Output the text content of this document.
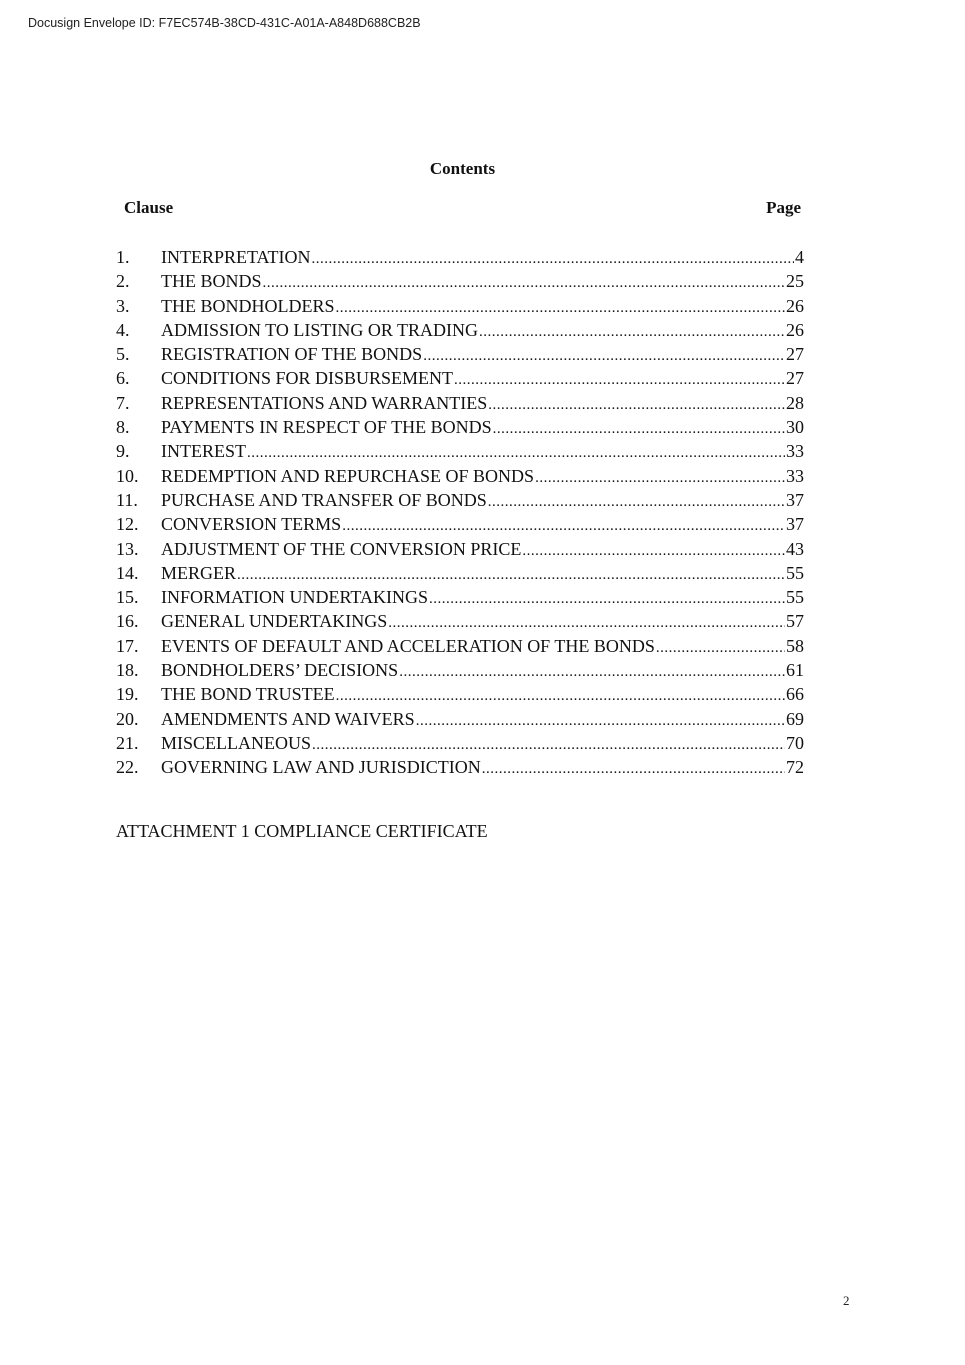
Docusign Envelope ID: F7EC574B-38CD-431C-A01A-A848D688CB2B
Contents
Clause	Page
1.	INTERPRETATION .....	4
2.	THE BONDS .....	25
3.	THE BONDHOLDERS .....	26
4.	ADMISSION TO LISTING OR TRADING .....	26
5.	REGISTRATION OF THE BONDS .....	27
6.	CONDITIONS FOR DISBURSEMENT .....	27
7.	REPRESENTATIONS AND WARRANTIES .....	28
8.	PAYMENTS IN RESPECT OF THE BONDS .....	30
9.	INTEREST .....	33
10.	REDEMPTION AND REPURCHASE OF BONDS .....	33
11.	PURCHASE AND TRANSFER OF BONDS .....	37
12.	CONVERSION TERMS .....	37
13.	ADJUSTMENT OF THE CONVERSION PRICE .....	43
14.	MERGER .....	55
15.	INFORMATION UNDERTAKINGS .....	55
16.	GENERAL UNDERTAKINGS .....	57
17.	EVENTS OF DEFAULT AND ACCELERATION OF THE BONDS .....	58
18.	BONDHOLDERS’ DECISIONS .....	61
19.	THE BOND TRUSTEE .....	66
20.	AMENDMENTS AND WAIVERS .....	69
21.	MISCELLANEOUS .....	70
22.	GOVERNING LAW AND JURISDICTION .....	72
ATTACHMENT 1 COMPLIANCE CERTIFICATE
2
